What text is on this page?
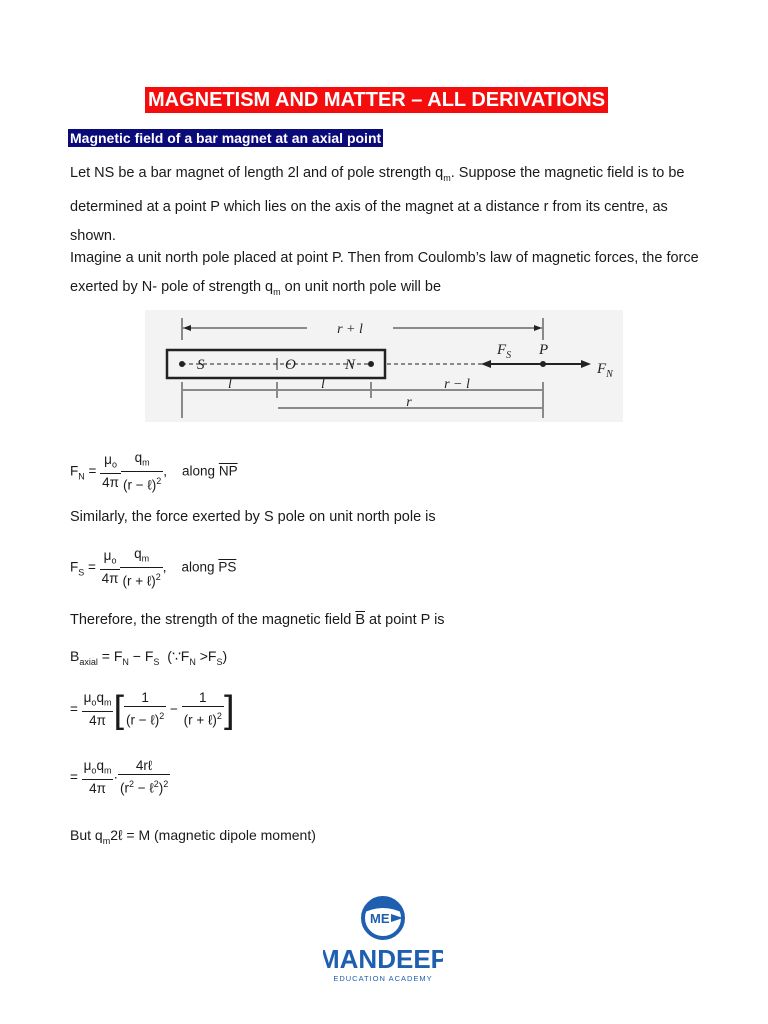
MAGNETISM AND MATTER – ALL DERIVATIONS
Magnetic field of a bar magnet at an axial point

Let NS be a bar magnet of length 2l and of pole strength $q_m$. Suppose the magnetic field is to be determined at a point P which lies on the axis of the magnet at a distance r from its centre, as shown.

Imagine a unit north pole placed at point P. Then from Coulomb’s law of magnetic forces, the force exerted by N- pole of strength $q_m$ on unit north pole will be

r + l
S	O	N
$F_S$ P
$F_N$
l	l	r − l
r
$F_N = \frac{\mu_o}{4\pi} \frac{q_m}{(r - \ell)^2}$ , along $\overline{NP}$

Similarly, the force exerted by S pole on unit north pole is

$F_S = \frac{\mu_o}{4\pi} \frac{q_m}{(r + \ell)^2}$ , along $\overline{PS}$

Therefore, the strength of the magnetic field $\overline{B}$ at point P is

$B_{axial} = F_N - F_S$ $(\because F_N >F_S)$
= $\frac{\mu_oq_m}{4\pi}$ [ $\frac{1}{(r - \ell)^2} - \frac{1}{(r + \ell)^2}$ ]
= $\frac{\mu_oq_m}{4\pi} \cdot \frac{\text{4rℓ}}{(r^2 - \ell^2)^2}$
But $q_m2\ell = M$ (magnetic dipole moment)
ME
MANDEEP
EDUCATION ACADEMY
